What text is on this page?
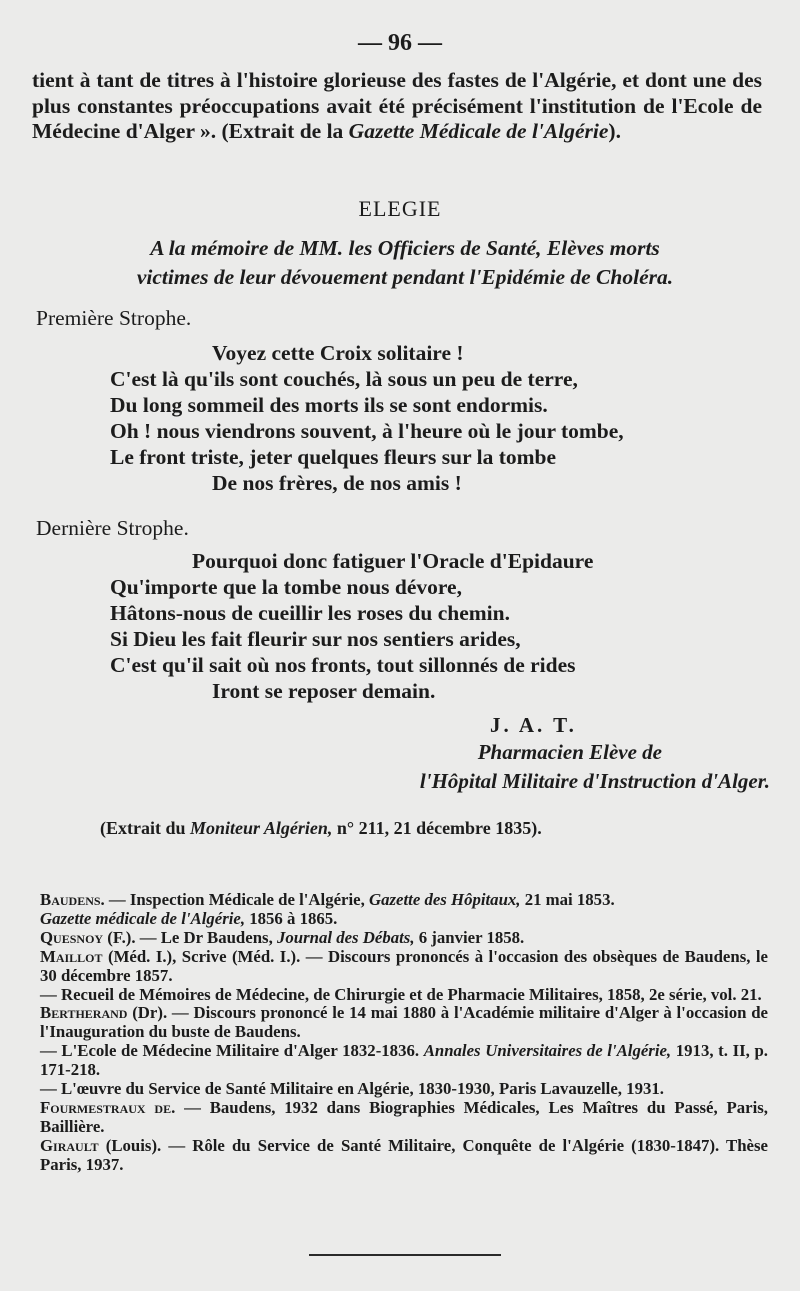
— 96 —

tient à tant de titres à l'histoire glorieuse des fastes de l'Algérie, et dont une des plus constantes préoccupations avait été précisément l'institution de l'Ecole de Médecine d'Alger ». (Extrait de la Gazette Médicale de l'Algérie).

ELEGIE
A la mémoire de MM. les Officiers de Santé, Elèves morts
victimes de leur dévouement pendant l'Epidémie de Choléra.
Première Strophe.
Voyez cette Croix solitaire !
C'est là qu'ils sont couchés, là sous un peu de terre,
Du long sommeil des morts ils se sont endormis.
Oh ! nous viendrons souvent, à l'heure où le jour tombe,
Le front triste, jeter quelques fleurs sur la tombe
De nos frères, de nos amis !
Dernière Strophe.
Pourquoi donc fatiguer l'Oracle d'Epidaure
Qu'importe que la tombe nous dévore,
Hâtons-nous de cueillir les roses du chemin.
Si Dieu les fait fleurir sur nos sentiers arides,
C'est qu'il sait où nos fronts, tout sillonnés de rides
Iront se reposer demain.
J. A. T.
Pharmacien Elève de
l'Hôpital Militaire d'Instruction d'Alger.
(Extrait du Moniteur Algérien, n° 211, 21 décembre 1835).

Baudens. — Inspection Médicale de l'Algérie, Gazette des Hôpitaux, 21 mai 1853.

Gazette médicale de l'Algérie, 1856 à 1865.

Quesnoy (F.). — Le Dr Baudens, Journal des Débats, 6 janvier 1858.

Maillot (Méd. I.), Scrive (Méd. I.). — Discours prononcés à l'occasion des obsèques de Baudens, le 30 décembre 1857.

— Recueil de Mémoires de Médecine, de Chirurgie et de Pharmacie Militaires, 1858, 2e série, vol. 21.

Bertherand (Dr). — Discours prononcé le 14 mai 1880 à l'Académie militaire d'Alger à l'occasion de l'Inauguration du buste de Baudens.

— L'Ecole de Médecine Militaire d'Alger 1832-1836. Annales Universitaires de l'Algérie, 1913, t. II, p. 171-218.

— L'œuvre du Service de Santé Militaire en Algérie, 1830-1930, Paris Lavauzelle, 1931.

Fourmestraux de. — Baudens, 1932 dans Biographies Médicales, Les Maîtres du Passé, Paris, Baillière.

Girault (Louis). — Rôle du Service de Santé Militaire, Conquête de l'Algérie (1830-1847). Thèse Paris, 1937.
